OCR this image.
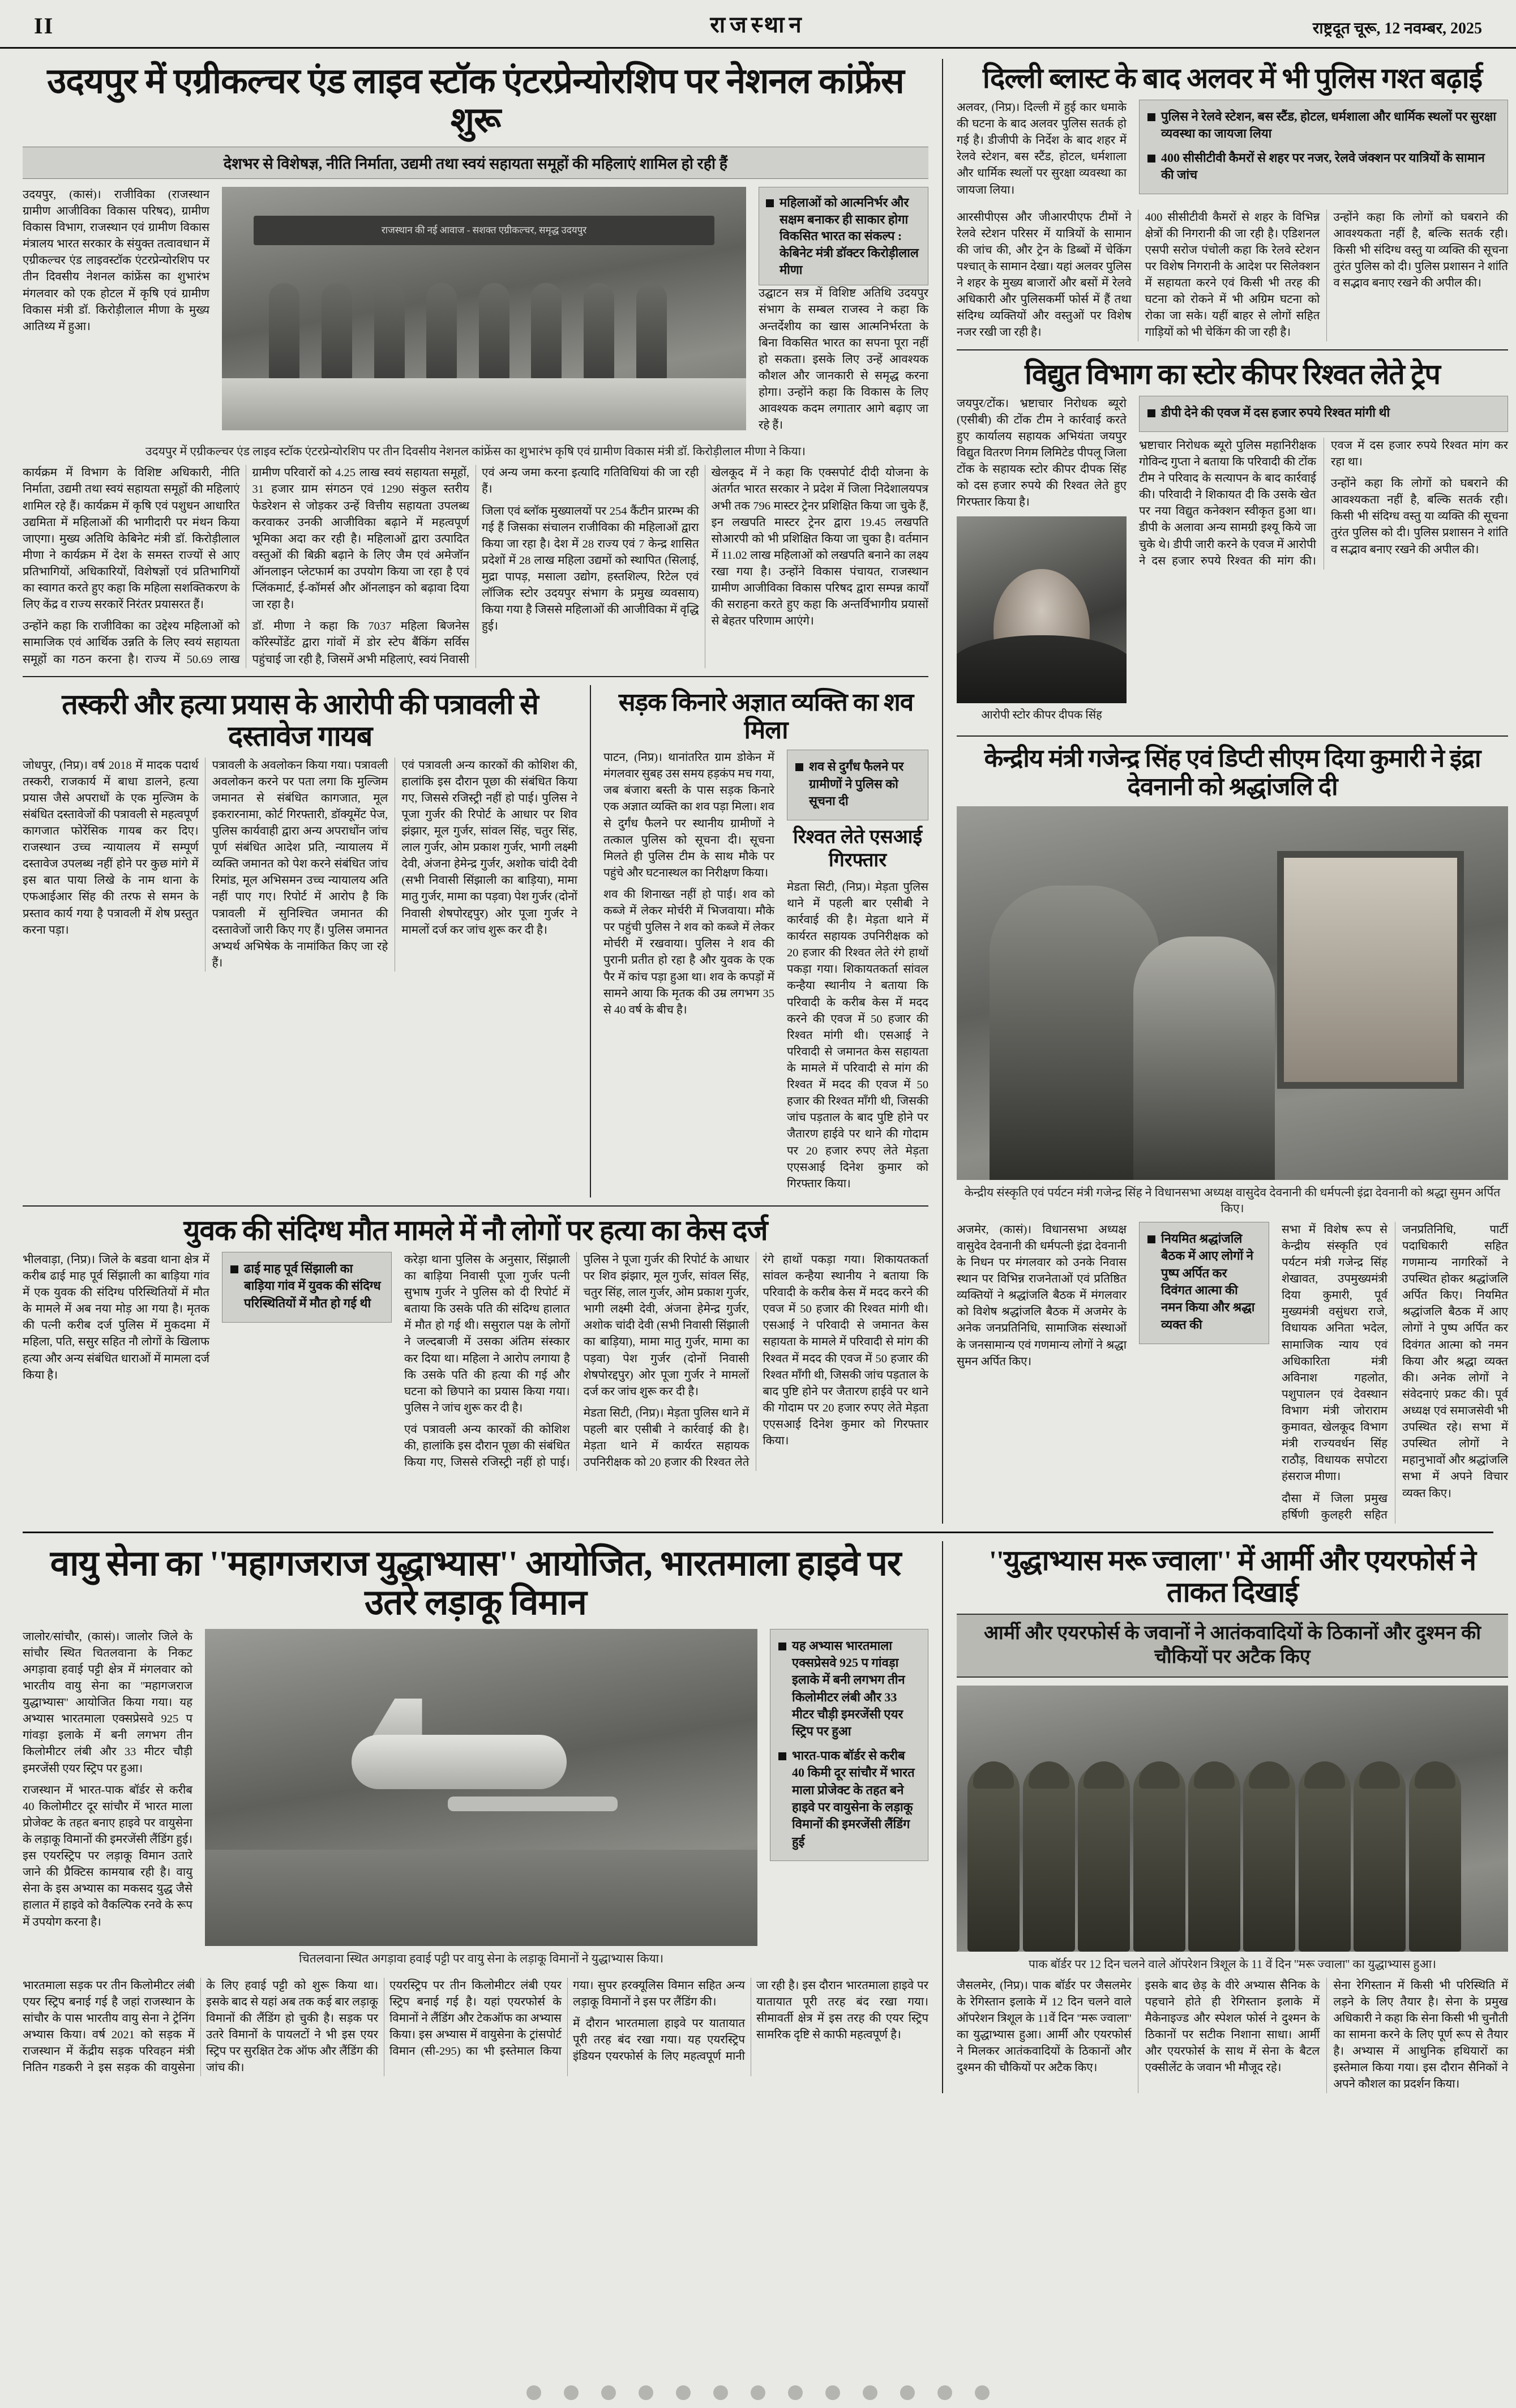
II	राजस्थान	राष्ट्रदूत चूरू, 12 नवम्बर, 2025
उदयपुर में एग्रीकल्चर एंड लाइव स्टॉक एंटरप्रेन्योरशिप पर नेशनल कांफ्रेंस शुरू
देशभर से विशेषज्ञ, नीति निर्माता, उद्यमी तथा स्वयं सहायता समूहों की महिलाएं शामिल हो रही हैं

उदयपुर, (कासं)। राजीविका (राजस्थान ग्रामीण आजीविका विकास परिषद), ग्रामीण विकास विभाग, राजस्थान एवं ग्रामीण विकास मंत्रालय भारत सरकार के संयुक्त तत्वावधान में एग्रीकल्चर एंड लाइवस्टॉक एंटरप्रेन्योरशिप पर तीन दिवसीय नेशनल कांफ्रेंस का शुभारंभ मंगलवार को एक होटल में कृषि एवं ग्रामीण विकास मंत्री डॉ. किरोड़ीलाल मीणा के मुख्य आतिथ्य में हुआ।

राजस्थान की नई आवाज - सशक्त एग्रीकल्चर, समृद्ध उदयपुर
महिलाओं को आत्मनिर्भर और सक्षम बनाकर ही साकार होगा विकसित भारत का संकल्प : केबिनेट मंत्री डॉक्टर किरोड़ीलाल मीणा

उद्घाटन सत्र में विशिष्ट अतिथि उदयपुर संभाग के सम्बल राजस्व ने कहा कि अन्तर्देशीय का खास आत्मनिर्भरता के बिना विकसित भारत का सपना पूरा नहीं हो सकता। इसके लिए उन्हें आवश्यक कौशल और जानकारी से समृद्ध करना होगा। उन्होंने कहा कि विकास के लिए आवश्यक कदम लगातार आगे बढ़ाए जा रहे हैं।

उदयपुर में एग्रीकल्चर एंड लाइव स्टॉक एंटरप्रेन्योरशिप पर तीन दिवसीय नेशनल कांफ्रेंस का शुभारंभ कृषि एवं ग्रामीण विकास मंत्री डॉ. किरोड़ीलाल मीणा ने किया।

कार्यक्रम में विभाग के विशिष्ट अधिकारी, नीति निर्माता, उद्यमी तथा स्वयं सहायता समूहों की महिलाएं शामिल रहे हैं। कार्यक्रम में कृषि एवं पशुधन आधारित उद्यमिता में महिलाओं की भागीदारी पर मंथन किया जाएगा। मुख्य अतिथि केबिनेट मंत्री डॉ. किरोड़ीलाल मीणा ने कार्यक्रम में देश के समस्त राज्यों से आए प्रतिभागियों, अधिकारियों, विशेषज्ञों एवं प्रतिभागियों का स्वागत करते हुए कहा कि महिला सशक्तिकरण के लिए केंद्र व राज्य सरकारें निरंतर प्रयासरत हैं।

उन्होंने कहा कि राजीविका का उद्देश्य महिलाओं को सामाजिक एवं आर्थिक उन्नति के लिए स्वयं सहायता समूहों का गठन करना है। राज्य में 50.69 लाख ग्रामीण परिवारों को 4.25 लाख स्वयं सहायता समूहों, 31 हजार ग्राम संगठन एवं 1290 संकुल स्तरीय फेडरेशन से जोड़कर उन्हें वित्तीय सहायता उपलब्ध करवाकर उनकी आजीविका बढ़ाने में महत्वपूर्ण भूमिका अदा कर रही है। महिलाओं द्वारा उत्पादित वस्तुओं की बिक्री बढ़ाने के लिए जैम एवं अमेजॉन ऑनलाइन प्लेटफार्म का उपयोग किया जा रहा है एवं प्लिंकमार्ट, ई-कॉमर्स और ऑनलाइन को बढ़ावा दिया जा रहा है।

डॉ. मीणा ने कहा कि 7037 महिला बिजनेस कॉरेस्पोंडेंट द्वारा गांवों में डोर स्टेप बैंकिंग सर्विस पहुंचाई जा रही है, जिसमें अभी महिलाएं, स्वयं निवासी एवं अन्य जमा करना इत्यादि गतिविधियां की जा रही हैं।

जिला एवं ब्लॉक मुख्यालयों पर 254 कैंटीन प्रारम्भ की गई हैं जिसका संचालन राजीविका की महिलाओं द्वारा किया जा रहा है। देश में 28 राज्य एवं 7 केन्द्र शासित प्रदेशों में 28 लाख महिला उद्यमों को स्थापित (सिलाई, मुद्रा पापड़, मसाला उद्योग, हस्तशिल्प, रिटेल एवं लॉजिक स्टोर उदयपुर संभाग के प्रमुख व्यवसाय) किया गया है जिससे महिलाओं की आजीविका में वृद्धि हुई।

खेलकूद में ने कहा कि एक्सपोर्ट दीदी योजना के अंतर्गत भारत सरकार ने प्रदेश में जिला निदेशालयपत्र अभी तक 796 मास्टर ट्रेनर प्रशिक्षित किया जा चुके हैं, इन लखपति मास्टर ट्रेनर द्वारा 19.45 लखपति सोआरपी को भी प्रशिक्षित किया जा चुका है। वर्तमान में 11.02 लाख महिलाओं को लखपति बनाने का लक्ष्य रखा गया है। उन्होंने विकास पंचायत, राजस्थान ग्रामीण आजीविका विकास परिषद द्वारा सम्पन्न कार्यों की सराहना करते हुए कहा कि अन्तर्विभागीय प्रयासों से बेहतर परिणाम आएंगे।

तस्करी और हत्या प्रयास के आरोपी की पत्रावली से दस्तावेज गायब

जोधपुर, (निप्र)। वर्ष 2018 में मादक पदार्थ तस्करी, राजकार्य में बाधा डालने, हत्या प्रयास जैसे अपराधों के एक मुल्जिम के संबंधित दस्तावेजों की पत्रावली से महत्वपूर्ण कागजात फोरेंसिक गायब कर दिए। राजस्थान उच्च न्यायालय में सम्पूर्ण दस्तावेज उपलब्ध नहीं होने पर कुछ मांगे में इस बात पाया लिखे के नाम थाना के एफआईआर सिंह की तरफ से समन के प्रस्ताव कार्य गया है पत्रावली में शेष प्रस्तुत करना पड़ा।

पत्रावली के अवलोकन किया गया। पत्रावली अवलोकन करने पर पता लगा कि मुल्जिम जमानत से संबंधित कागजात, मूल इकरारनामा, कोर्ट गिरफ्तारी, डॉक्यूमेंट पेज, पुलिस कार्यवाही द्वारा अन्य अपराधोंन जांच पूर्ण संबंधित आदेश प्रति, न्यायालय में व्यक्ति जमानत को पेश करने संबंधित जांच रिमांड, मूल अभिसमन उच्च न्यायालय अति नहीं पाए गए। रिपोर्ट में आरोप है कि पत्रावली में सुनिश्चित जमानत की दस्तावेजों जारी किए गए हैं। पुलिस जमानत अभ्यर्थ अभिषेक के नामांकित किए जा रहे हैं।

एवं पत्रावली अन्य कारकों की कोशिश की, हालांकि इस दौरान पूछा की संबंधित किया गए, जिससे रजिस्ट्री नहीं हो पाई। पुलिस ने पूजा गुर्जर की रिपोर्ट के आधार पर शिव झंझार, मूल गुर्जर, सांवल सिंह, चतुर सिंह, लाल गुर्जर, ओम प्रकाश गुर्जर, भागी लक्ष्मी देवी, अंजना हेमेन्द्र गुर्जर, अशोक चांदी देवी (सभी निवासी सिंझाली का बाड़िया), मामा मातु गुर्जर, मामा का पड़वा) पेश गुर्जर (दोनों निवासी शेषपोरद्दपुर) ओर पूजा गुर्जर ने मामलों दर्ज कर जांच शुरू कर दी है।

सड़क किनारे अज्ञात व्यक्ति का शव मिला

पाटन, (निप्र)। थानांतरित ग्राम डोकेन में मंगलवार सुबह उस समय हड़कंप मच गया, जब बंजारा बस्ती के पास सड़क किनारे एक अज्ञात व्यक्ति का शव पड़ा मिला। शव से दुर्गंध फैलने पर स्थानीय ग्रामीणों ने तत्काल पुलिस को सूचना दी। सूचना मिलते ही पुलिस टीम के साथ मौके पर पहुंचे और घटनास्थल का निरीक्षण किया।

शव की शिनाख्त नहीं हो पाई। शव को कब्जे में लेकर मोर्चरी में भिजवाया। मौके पर पहुंची पुलिस ने शव को कब्जे में लेकर मोर्चरी में रखवाया। पुलिस ने शव की पुरानी प्रतीत हो रहा है और युवक के एक पैर में कांच पड़ा हुआ था। शव के कपड़ों में सामने आया कि मृतक की उम्र लगभग 35 से 40 वर्ष के बीच है।

शव से दुर्गंध फैलने पर ग्रामीणों ने पुलिस को सूचना दी
रिश्वत लेते एसआई गिरफ्तार

मेडता सिटी, (निप्र)। मेड़ता पुलिस थाने में पहली बार एसीबी ने कार्रवाई की है। मेड़ता थाने में कार्यरत सहायक उपनिरीक्षक को 20 हजार की रिश्वत लेते रंगे हाथों पकड़ा गया। शिकायतकर्ता सांवल कन्हैया स्थानीय ने बताया कि परिवादी के करीब केस में मदद करने की एवज में 50 हजार की रिश्वत मांगी थी। एसआई ने परिवादी से जमानत केस सहायता के मामले में परिवादी से मांग की रिश्वत में मदद की एवज में 50 हजार की रिश्वत माँगी थी, जिसकी जांच पड़ताल के बाद पुष्टि होने पर जैतारण हाईवे पर थाने की गोदाम पर 20 हजार रुपए लेते मेड़ता एएसआई दिनेश कुमार को गिरफ्तार किया।

युवक की संदिग्ध मौत मामले में नौ लोगों पर हत्या का केस दर्ज

भीलवाड़ा, (निप्र)। जिले के बडवा थाना क्षेत्र में करीब ढाई माह पूर्व सिंझाली का बाड़िया गांव में एक युवक की संदिग्ध परिस्थितियों में मौत के मामले में अब नया मोड़ आ गया है। मृतक की पत्नी करीब दर्ज पुलिस में मुकदमा में महिला, पति, ससुर सहित नौ लोगों के खिलाफ हत्या और अन्य संबंधित धाराओं में मामला दर्ज किया है।

ढाई माह पूर्व सिंझाली का बाड़िया गांव में युवक की संदिग्ध परिस्थितियों में मौत हो गई थी

करेड़ा थाना पुलिस के अनुसार, सिंझाली का बाड़िया निवासी पूजा गुर्जर पत्नी सुभाष गुर्जर ने पुलिस को दी रिपोर्ट में बताया कि उसके पति की संदिग्ध हालात में मौत हो गई थी। ससुराल पक्ष के लोगों ने जल्दबाजी में उसका अंतिम संस्कार कर दिया था। महिला ने आरोप लगाया है कि उसके पति की हत्या की गई और घटना को छिपाने का प्रयास किया गया। पुलिस ने जांच शुरू कर दी है।

एवं पत्रावली अन्य कारकों की कोशिश की, हालांकि इस दौरान पूछा की संबंधित किया गए, जिससे रजिस्ट्री नहीं हो पाई। पुलिस ने पूजा गुर्जर की रिपोर्ट के आधार पर शिव झंझार, मूल गुर्जर, सांवल सिंह, चतुर सिंह, लाल गुर्जर, ओम प्रकाश गुर्जर, भागी लक्ष्मी देवी, अंजना हेमेन्द्र गुर्जर, अशोक चांदी देवी (सभी निवासी सिंझाली का बाड़िया), मामा मातु गुर्जर, मामा का पड़वा) पेश गुर्जर (दोनों निवासी शेषपोरद्दपुर) ओर पूजा गुर्जर ने मामलों दर्ज कर जांच शुरू कर दी है।

मेडता सिटी, (निप्र)। मेड़ता पुलिस थाने में पहली बार एसीबी ने कार्रवाई की है। मेड़ता थाने में कार्यरत सहायक उपनिरीक्षक को 20 हजार की रिश्वत लेते रंगे हाथों पकड़ा गया। शिकायतकर्ता सांवल कन्हैया स्थानीय ने बताया कि परिवादी के करीब केस में मदद करने की एवज में 50 हजार की रिश्वत मांगी थी। एसआई ने परिवादी से जमानत केस सहायता के मामले में परिवादी से मांग की रिश्वत में मदद की एवज में 50 हजार की रिश्वत माँगी थी, जिसकी जांच पड़ताल के बाद पुष्टि होने पर जैतारण हाईवे पर थाने की गोदाम पर 20 हजार रुपए लेते मेड़ता एएसआई दिनेश कुमार को गिरफ्तार किया।

दिल्ली ब्लास्ट के बाद अलवर में भी पुलिस गश्त बढ़ाई

अलवर, (निप्र)। दिल्ली में हुई कार धमाके की घटना के बाद अलवर पुलिस सतर्क हो गई है। डीजीपी के निर्देश के बाद शहर में रेलवे स्टेशन, बस स्टैंड, होटल, धर्मशाला और धार्मिक स्थलों पर सुरक्षा व्यवस्था का जायजा लिया।

पुलिस ने रेलवे स्टेशन, बस स्टैंड, होटल, धर्मशाला और धार्मिक स्थलों पर सुरक्षा व्यवस्था का जायजा लिया
400 सीसीटीवी कैमरों से शहर पर नजर, रेलवे जंक्शन पर यात्रियों के सामान की जांच

आरसीपीएस और जीआरपीएफ टीमों ने रेलवे स्टेशन परिसर में यात्रियों के सामान की जांच की, और ट्रेन के डिब्बों में चेकिंग पश्चात् के सामान देखा। यहां अलवर पुलिस ने शहर के मुख्य बाजारों और बसों में रेलवे अधिकारी और पुलिसकर्मी फोर्स में हैं तथा संदिग्ध व्यक्तियों और वस्तुओं पर विशेष नजर रखी जा रही है।

400 सीसीटीवी कैमरों से शहर के विभिन्न क्षेत्रों की निगरानी की जा रही है। एडिशनल एसपी सरोज पंचोली कहा कि रेलवे स्टेशन पर विशेष निगरानी के आदेश पर सिलेक्शन में सहायता करने एवं किसी भी तरह की घटना को रोकने में भी अग्रिम घटना को रोका जा सके। यहीं बाहर से लोगों सहित गाड़ियों को भी चेकिंग की जा रही है।

उन्होंने कहा कि लोगों को घबराने की आवश्यकता नहीं है, बल्कि सतर्क रही। किसी भी संदिग्ध वस्तु या व्यक्ति की सूचना तुरंत पुलिस को दी। पुलिस प्रशासन ने शांति व सद्भाव बनाए रखने की अपील की।

विद्युत विभाग का स्टोर कीपर रिश्वत लेते ट्रेप

जयपुर/टोंक। भ्रष्टाचार निरोधक ब्यूरो (एसीबी) की टोंक टीम ने कार्रवाई करते हुए कार्यालय सहायक अभियंता जयपुर विद्युत वितरण निगम लिमिटेड पीपलू जिला टोंक के सहायक स्टोर कीपर दीपक सिंह को दस हजार रुपये की रिश्वत लेते हुए गिरफ्तार किया है।

आरोपी स्टोर कीपर दीपक सिंह
डीपी देने की एवज में दस हजार रुपये रिश्वत मांगी थी

भ्रष्टाचार निरोधक ब्यूरो पुलिस महानिरीक्षक गोविन्द गुप्ता ने बताया कि परिवादी की टोंक टीम ने परिवाद के सत्यापन के बाद कार्रवाई की। परिवादी ने शिकायत दी कि उसके खेत पर नया विद्युत कनेक्शन स्वीकृत हुआ था। डीपी के अलावा अन्य सामग्री इश्यू किये जा चुके थे। डीपी जारी करने के एवज में आरोपी ने दस हजार रुपये रिश्वत की मांग की। एवज में दस हजार रुपये रिश्वत मांग कर रहा था।

उन्होंने कहा कि लोगों को घबराने की आवश्यकता नहीं है, बल्कि सतर्क रही। किसी भी संदिग्ध वस्तु या व्यक्ति की सूचना तुरंत पुलिस को दी। पुलिस प्रशासन ने शांति व सद्भाव बनाए रखने की अपील की।

केन्द्रीय मंत्री गजेन्द्र सिंह एवं डिप्टी सीएम दिया कुमारी ने इंद्रा देवनानी को श्रद्धांजलि दी
केन्द्रीय संस्कृति एवं पर्यटन मंत्री गजेन्द्र सिंह ने विधानसभा अध्यक्ष वासुदेव देवनानी की धर्मपत्नी इंद्रा देवनानी को श्रद्धा सुमन अर्पित किए।

अजमेर, (कासं)। विधानसभा अध्यक्ष वासुदेव देवनानी की धर्मपत्नी इंद्रा देवनानी के निधन पर मंगलवार को उनके निवास स्थान पर विभिन्न राजनेताओं एवं प्रतिष्ठित व्यक्तियों ने श्रद्धांजलि बैठक में मंगलवार को विशेष श्रद्धांजलि बैठक में अजमेर के अनेक जनप्रतिनिधि, सामाजिक संस्थाओं के जनसामान्य एवं गणमान्य लोगों ने श्रद्धा सुमन अर्पित किए।

नियमित श्रद्धांजलि बैठक में आए लोगों ने पुष्प अर्पित कर दिवंगत आत्मा की नमन किया और श्रद्धा व्यक्त की

सभा में विशेष रूप से केन्द्रीय संस्कृति एवं पर्यटन मंत्री गजेन्द्र सिंह शेखावत, उपमुख्यमंत्री दिया कुमारी, पूर्व मुख्यमंत्री वसुंधरा राजे, विधायक अनिता भदेल, सामाजिक न्याय एवं अधिकारिता मंत्री अविनाश गहलोत, पशुपालन एवं देवस्थान विभाग मंत्री जोराराम कुमावत, खेलकूद विभाग मंत्री राज्यवर्धन सिंह राठौड़, विधायक सपोटरा हंसराज मीणा।

दौसा में जिला प्रमुख हर्षिणी कुलहरी सहित जनप्रतिनिधि, पार्टी पदाधिकारी सहित गणमान्य नागरिकों ने उपस्थित होकर श्रद्धांजलि अर्पित किए। नियमित श्रद्धांजलि बैठक में आए लोगों ने पुष्प अर्पित कर दिवंगत आत्मा को नमन किया और श्रद्धा व्यक्त की। अनेक लोगों ने संवेदनाएं प्रकट की। पूर्व अध्यक्ष एवं समाजसेवी भी उपस्थित रहे। सभा में उपस्थित लोगों ने महानुभावों और श्रद्धांजलि सभा में अपने विचार व्यक्त किए।

वायु सेना का ''महागजराज युद्धाभ्यास'' आयोजित, भारतमाला हाइवे पर उतरे लड़ाकू विमान

जालोर/सांचौर, (कासं)। जालोर जिले के सांचौर स्थित चितलवाना के निकट अगड़ावा हवाई पट्टी क्षेत्र में मंगलवार को भारतीय वायु सेना का ''महागजराज युद्धाभ्यास'' आयोजित किया गया। यह अभ्यास भारतमाला एक्सप्रेसवे 925 प गांवड़ा इलाके में बनी लगभग तीन किलोमीटर लंबी और 33 मीटर चौड़ी इमरजेंसी एयर स्ट्रिप पर हुआ।

राजस्थान में भारत-पाक बॉर्डर से करीब 40 किलोमीटर दूर सांचौर में भारत माला प्रोजेक्ट के तहत बनाए हाइवे पर वायुसेना के लड़ाकू विमानों की इमरजेंसी लैंडिंग हुई। इस एयरस्ट्रिप पर लड़ाकू विमान उतारे जाने की प्रैक्टिस कामयाब रही है। वायु सेना के इस अभ्यास का मकसद युद्ध जैसे हालात में हाइवे को वैकल्पिक रनवे के रूप में उपयोग करना है।

चितलवाना स्थित अगड़ावा हवाई पट्टी पर वायु सेना के लड़ाकू विमानों ने युद्धाभ्यास किया।
यह अभ्यास भारतमाला एक्सप्रेसवे 925 प गांवड़ा इलाके में बनी लगभग तीन किलोमीटर लंबी और 33 मीटर चौड़ी इमरजेंसी एयर स्ट्रिप पर हुआ
भारत-पाक बॉर्डर से करीब 40 किमी दूर सांचौर में भारत माला प्रोजेक्ट के तहत बने हाइवे पर वायुसेना के लड़ाकू विमानों की इमरजेंसी लैंडिंग हुई

भारतमाला सड़क पर तीन किलोमीटर लंबी एयर स्ट्रिप बनाई गई है जहां राजस्थान के सांचौर के पास भारतीय वायु सेना ने ट्रेनिंग अभ्यास किया। वर्ष 2021 को सड़क में राजस्थान में केंद्रीय सड़क परिवहन मंत्री नितिन गडकरी ने इस सड़क की वायुसेना के लिए हवाई पट्टी को शुरू किया था। इसके बाद से यहां अब तक कई बार लड़ाकू विमानों की लैंडिंग हो चुकी है। सड़क पर उतरे विमानों के पायलटों ने भी इस एयर स्ट्रिप पर सुरक्षित टेक ऑफ और लैंडिंग की जांच की।

एयरस्ट्रिप पर तीन किलोमीटर लंबी एयर स्ट्रिप बनाई गई है। यहां एयरफोर्स के विमानों ने लैंडिंग और टेकऑफ का अभ्यास किया। इस अभ्यास में वायुसेना के ट्रांसपोर्ट विमान (सी-295) का भी इस्तेमाल किया गया। सुपर हरक्यूलिस विमान सहित अन्य लड़ाकू विमानों ने इस पर लैंडिंग की।

में दौरान भारतमाला हाइवे पर यातायात पूरी तरह बंद रखा गया। यह एयरस्ट्रिप इंडियन एयरफोर्स के लिए महत्वपूर्ण मानी जा रही है। इस दौरान भारतमाला हाइवे पर यातायात पूरी तरह बंद रखा गया। सीमावर्ती क्षेत्र में इस तरह की एयर स्ट्रिप सामरिक दृष्टि से काफी महत्वपूर्ण है।

''युद्धाभ्यास मरू ज्वाला'' में आर्मी और एयरफोर्स ने ताकत दिखाई
आर्मी और एयरफोर्स के जवानों ने आतंकवादियों के ठिकानों और दुश्मन की चौकियों पर अटैक किए
पाक बॉर्डर पर 12 दिन चलने वाले ऑपरेशन त्रिशूल के 11 वें दिन ''मरू ज्वाला'' का युद्धाभ्यास हुआ।

जैसलमेर, (निप्र)। पाक बॉर्डर पर जैसलमेर के रेगिस्तान इलाके में 12 दिन चलने वाले ऑपरेशन त्रिशूल के 11वें दिन ''मरू ज्वाला'' का युद्धाभ्यास हुआ। आर्मी और एयरफोर्स ने मिलकर आतंकवादियों के ठिकानों और दुश्मन की चौकियों पर अटैक किए।

इसके बाद छेड़ के वीरे अभ्यास सैनिक के पहचाने होते ही रेगिस्तान इलाके में मैकेनाइज्ड और स्पेशल फोर्स ने दुश्मन के ठिकानों पर सटीक निशाना साधा। आर्मी और एयरफोर्स के साथ में सेना के बैटल एक्सीलेंट के जवान भी मौजूद रहे।

सेना रेगिस्तान में किसी भी परिस्थिति में लड़ने के लिए तैयार है। सेना के प्रमुख अधिकारी ने कहा कि सेना किसी भी चुनौती का सामना करने के लिए पूर्ण रूप से तैयार है। अभ्यास में आधुनिक हथियारों का इस्तेमाल किया गया। इस दौरान सैनिकों ने अपने कौशल का प्रदर्शन किया।
